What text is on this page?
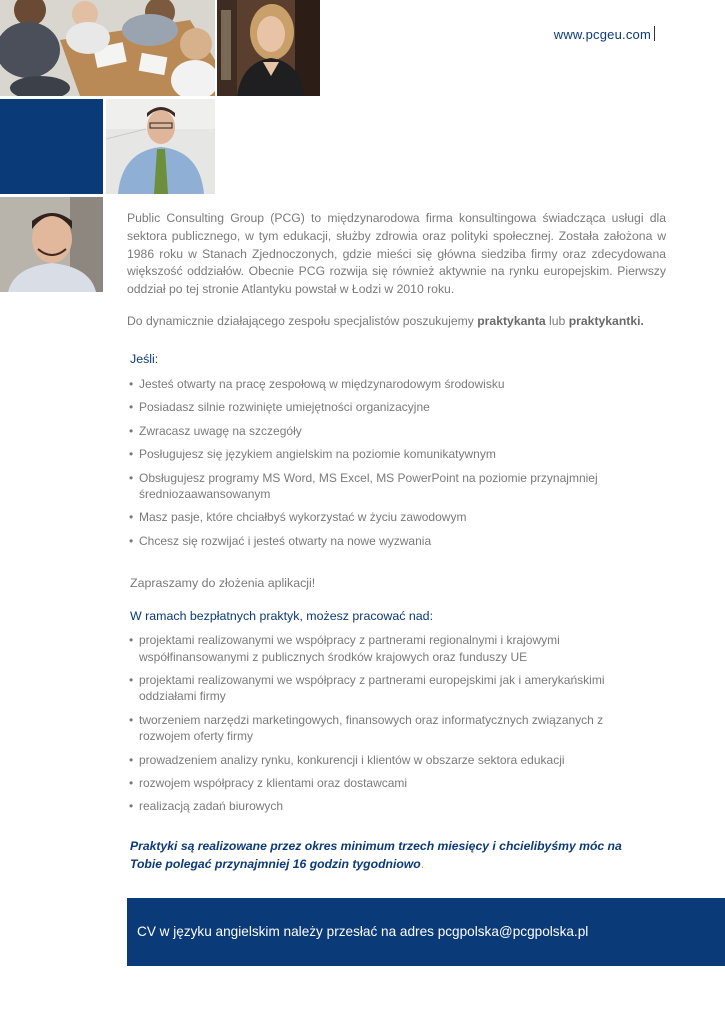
www.pcgeu.com

Public Consulting Group (PCG) to międzynarodowa firma konsultingowa świadcząca usługi dla sektora publicznego, w tym edukacji, służby zdrowia oraz polityki społecznej. Została założona w 1986 roku w Stanach Zjednoczonych, gdzie mieści się główna siedziba firmy oraz zdecydowana większość oddziałów. Obecnie PCG rozwija się również aktywnie na rynku europejskim. Pierwszy oddział po tej stronie Atlantyku powstał w Łodzi w 2010 roku.

Do dynamicznie działającego zespołu specjalistów poszukujemy praktykanta lub praktykantki.

Jeśli:

• Jesteś otwarty na pracę zespołową w międzynarodowym środowisku
• Posiadasz silnie rozwinięte umiejętności organizacyjne
• Zwracasz uwagę na szczegóły
• Posługujesz się językiem angielskim na poziomie komunikatywnym
• Obsługujesz programy MS Word, MS Excel, MS PowerPoint na poziomie przynajmniej średniozaawansowanym
• Masz pasje, które chciałbyś wykorzystać w życiu zawodowym
• Chcesz się rozwijać i jesteś otwarty na nowe wyzwania

Zapraszamy do złożenia aplikacji!

W ramach bezpłatnych praktyk, możesz pracować nad:

• projektami realizowanymi we współpracy z partnerami regionalnymi i krajowymi współfinansowanymi z publicznych środków krajowych oraz funduszy UE
• projektami realizowanymi we współpracy z partnerami europejskimi jak i amerykańskimi oddziałami firmy
• tworzeniem narzędzi marketingowych, finansowych oraz informatycznych związanych z rozwojem oferty firmy
• prowadzeniem analizy rynku, konkurencji i klientów w obszarze sektora edukacji
• rozwojem współpracy z klientami oraz dostawcami
• realizacją zadań biurowych

Praktyki są realizowane przez okres minimum trzech miesięcy i chcielibyśmy móc na Tobie polegać przynajmniej 16 godzin tygodniowo.

CV w języku angielskim należy przesłać na adres pcgpolska@pcgpolska.pl
